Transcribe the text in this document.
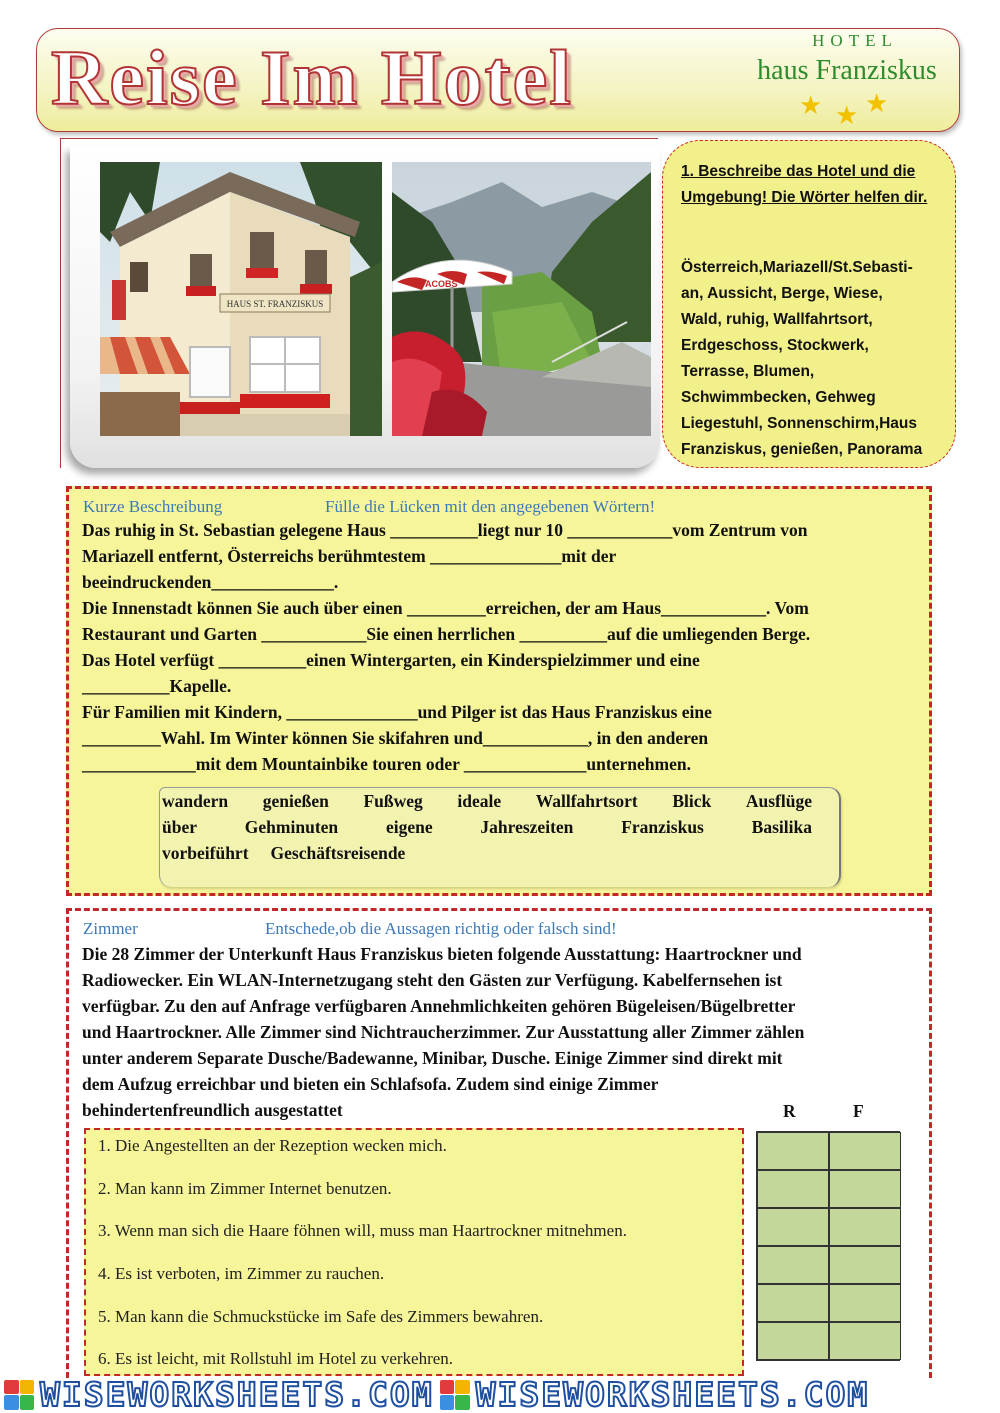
Reise Im Hotel	HOTEL
haus Franziskus
★ ★ ★
HAUS ST. FRANZISKUS
JACOBS
1. Beschreibe das Hotel und die Umgebung! Die Wörter helfen dir.
Österreich,Mariazell/St.Sebasti-
an, Aussicht, Berge, Wiese,
Wald, ruhig, Wallfahrtsort,
Erdgeschoss, Stockwerk,
Terrasse, Blumen,
Schwimmbecken, Gehweg
Liegestuhl, Sonnenschirm,Haus
Franziskus, genießen, Panorama
Kurze Beschreibung	Fülle die Lücken mit den angegebenen Wörtern!

Das ruhig in St. Sebastian gelegene Haus __________liegt nur 10 ____________vom Zentrum von

Mariazell entfernt, Österreichs berühmtestem _______________mit der

beeindruckenden______________.

Die Innenstadt können Sie auch über einen _________erreichen, der am Haus____________. Vom

Restaurant und Garten ____________Sie einen herrlichen __________auf die umliegenden Berge.

Das Hotel verfügt __________einen Wintergarten, ein Kinderspielzimmer und eine

__________Kapelle.

Für Familien mit Kindern, _______________und Pilger ist das Haus Franziskus eine

_________Wahl. Im Winter können Sie skifahren und____________, in den anderen

_____________mit dem Mountainbike touren oder ______________unternehmen.

wandern genießen Fußweg ideale Wallfahrtsort Blick Ausflüge
über	Gehminuten	eigene	Jahreszeiten	Franziskus	Basilika
vorbeiführt Geschäftsreisende
Zimmer	Entschede,ob die Aussagen richtig oder falsch sind!

Die 28 Zimmer der Unterkunft Haus Franziskus bieten folgende Ausstattung: Haartrockner und

Radiowecker. Ein WLAN-Internetzugang steht den Gästen zur Verfügung. Kabelfernsehen ist

verfügbar. Zu den auf Anfrage verfügbaren Annehmlichkeiten gehören Bügeleisen/Bügelbretter

und Haartrockner. Alle Zimmer sind Nichtraucherzimmer. Zur Ausstattung aller Zimmer zählen

unter anderem Separate Dusche/Badewanne, Minibar, Dusche. Einige Zimmer sind direkt mit

dem Aufzug erreichbar und bieten ein Schlafsofa. Zudem sind einige Zimmer

behindertenfreundlich ausgestattet	R	F
1. Die Angestellten an der Rezeption wecken mich.
2. Man kann im Zimmer Internet benutzen.
3. Wenn man sich die Haare föhnen will, muss man Haartrockner mitnehmen.
4. Es ist verboten, im Zimmer zu rauchen.
5. Man kann die Schmuckstücke im Safe des Zimmers bewahren.
6. Es ist leicht, mit Rollstuhl im Hotel zu verkehren.
WISEWORKSHEETS.COM WISEWORKSHEETS.COM
